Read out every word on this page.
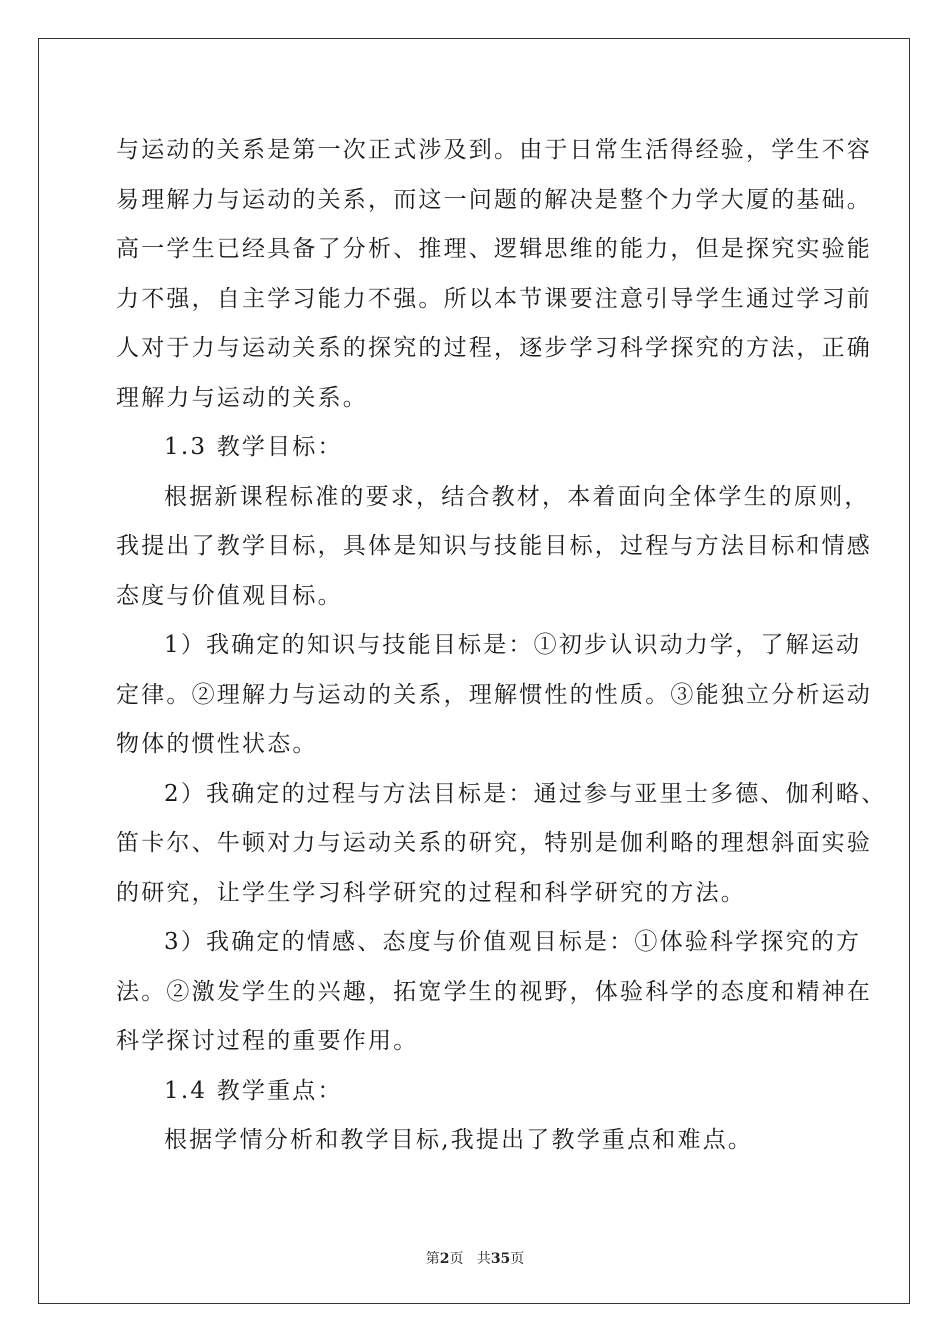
与运动的关系是第一次正式涉及到。由于日常生活得经验，学生不容
易理解力与运动的关系，而这一问题的解决是整个力学大厦的基础。
高一学生已经具备了分析、推理、逻辑思维的能力，但是探究实验能
力不强，自主学习能力不强。所以本节课要注意引导学生通过学习前
人对于力与运动关系的探究的过程，逐步学习科学探究的方法，正确
理解力与运动的关系。
1.3 教学目标：
根据新课程标准的要求，结合教材，本着面向全体学生的原则，
我提出了教学目标，具体是知识与技能目标，过程与方法目标和情感
态度与价值观目标。
1）我确定的知识与技能目标是：①初步认识动力学，了解运动
定律。②理解力与运动的关系，理解惯性的性质。③能独立分析运动
物体的惯性状态。
2）我确定的过程与方法目标是：通过参与亚里士多德、伽利略、
笛卡尔、牛顿对力与运动关系的研究，特别是伽利略的理想斜面实验
的研究，让学生学习科学研究的过程和科学研究的方法。
3）我确定的情感、态度与价值观目标是：①体验科学探究的方
法。②激发学生的兴趣，拓宽学生的视野，体验科学的态度和精神在
科学探讨过程的重要作用。
1.4 教学重点：
根据学情分析和教学目标,我提出了教学重点和难点。
第2页 共35页
